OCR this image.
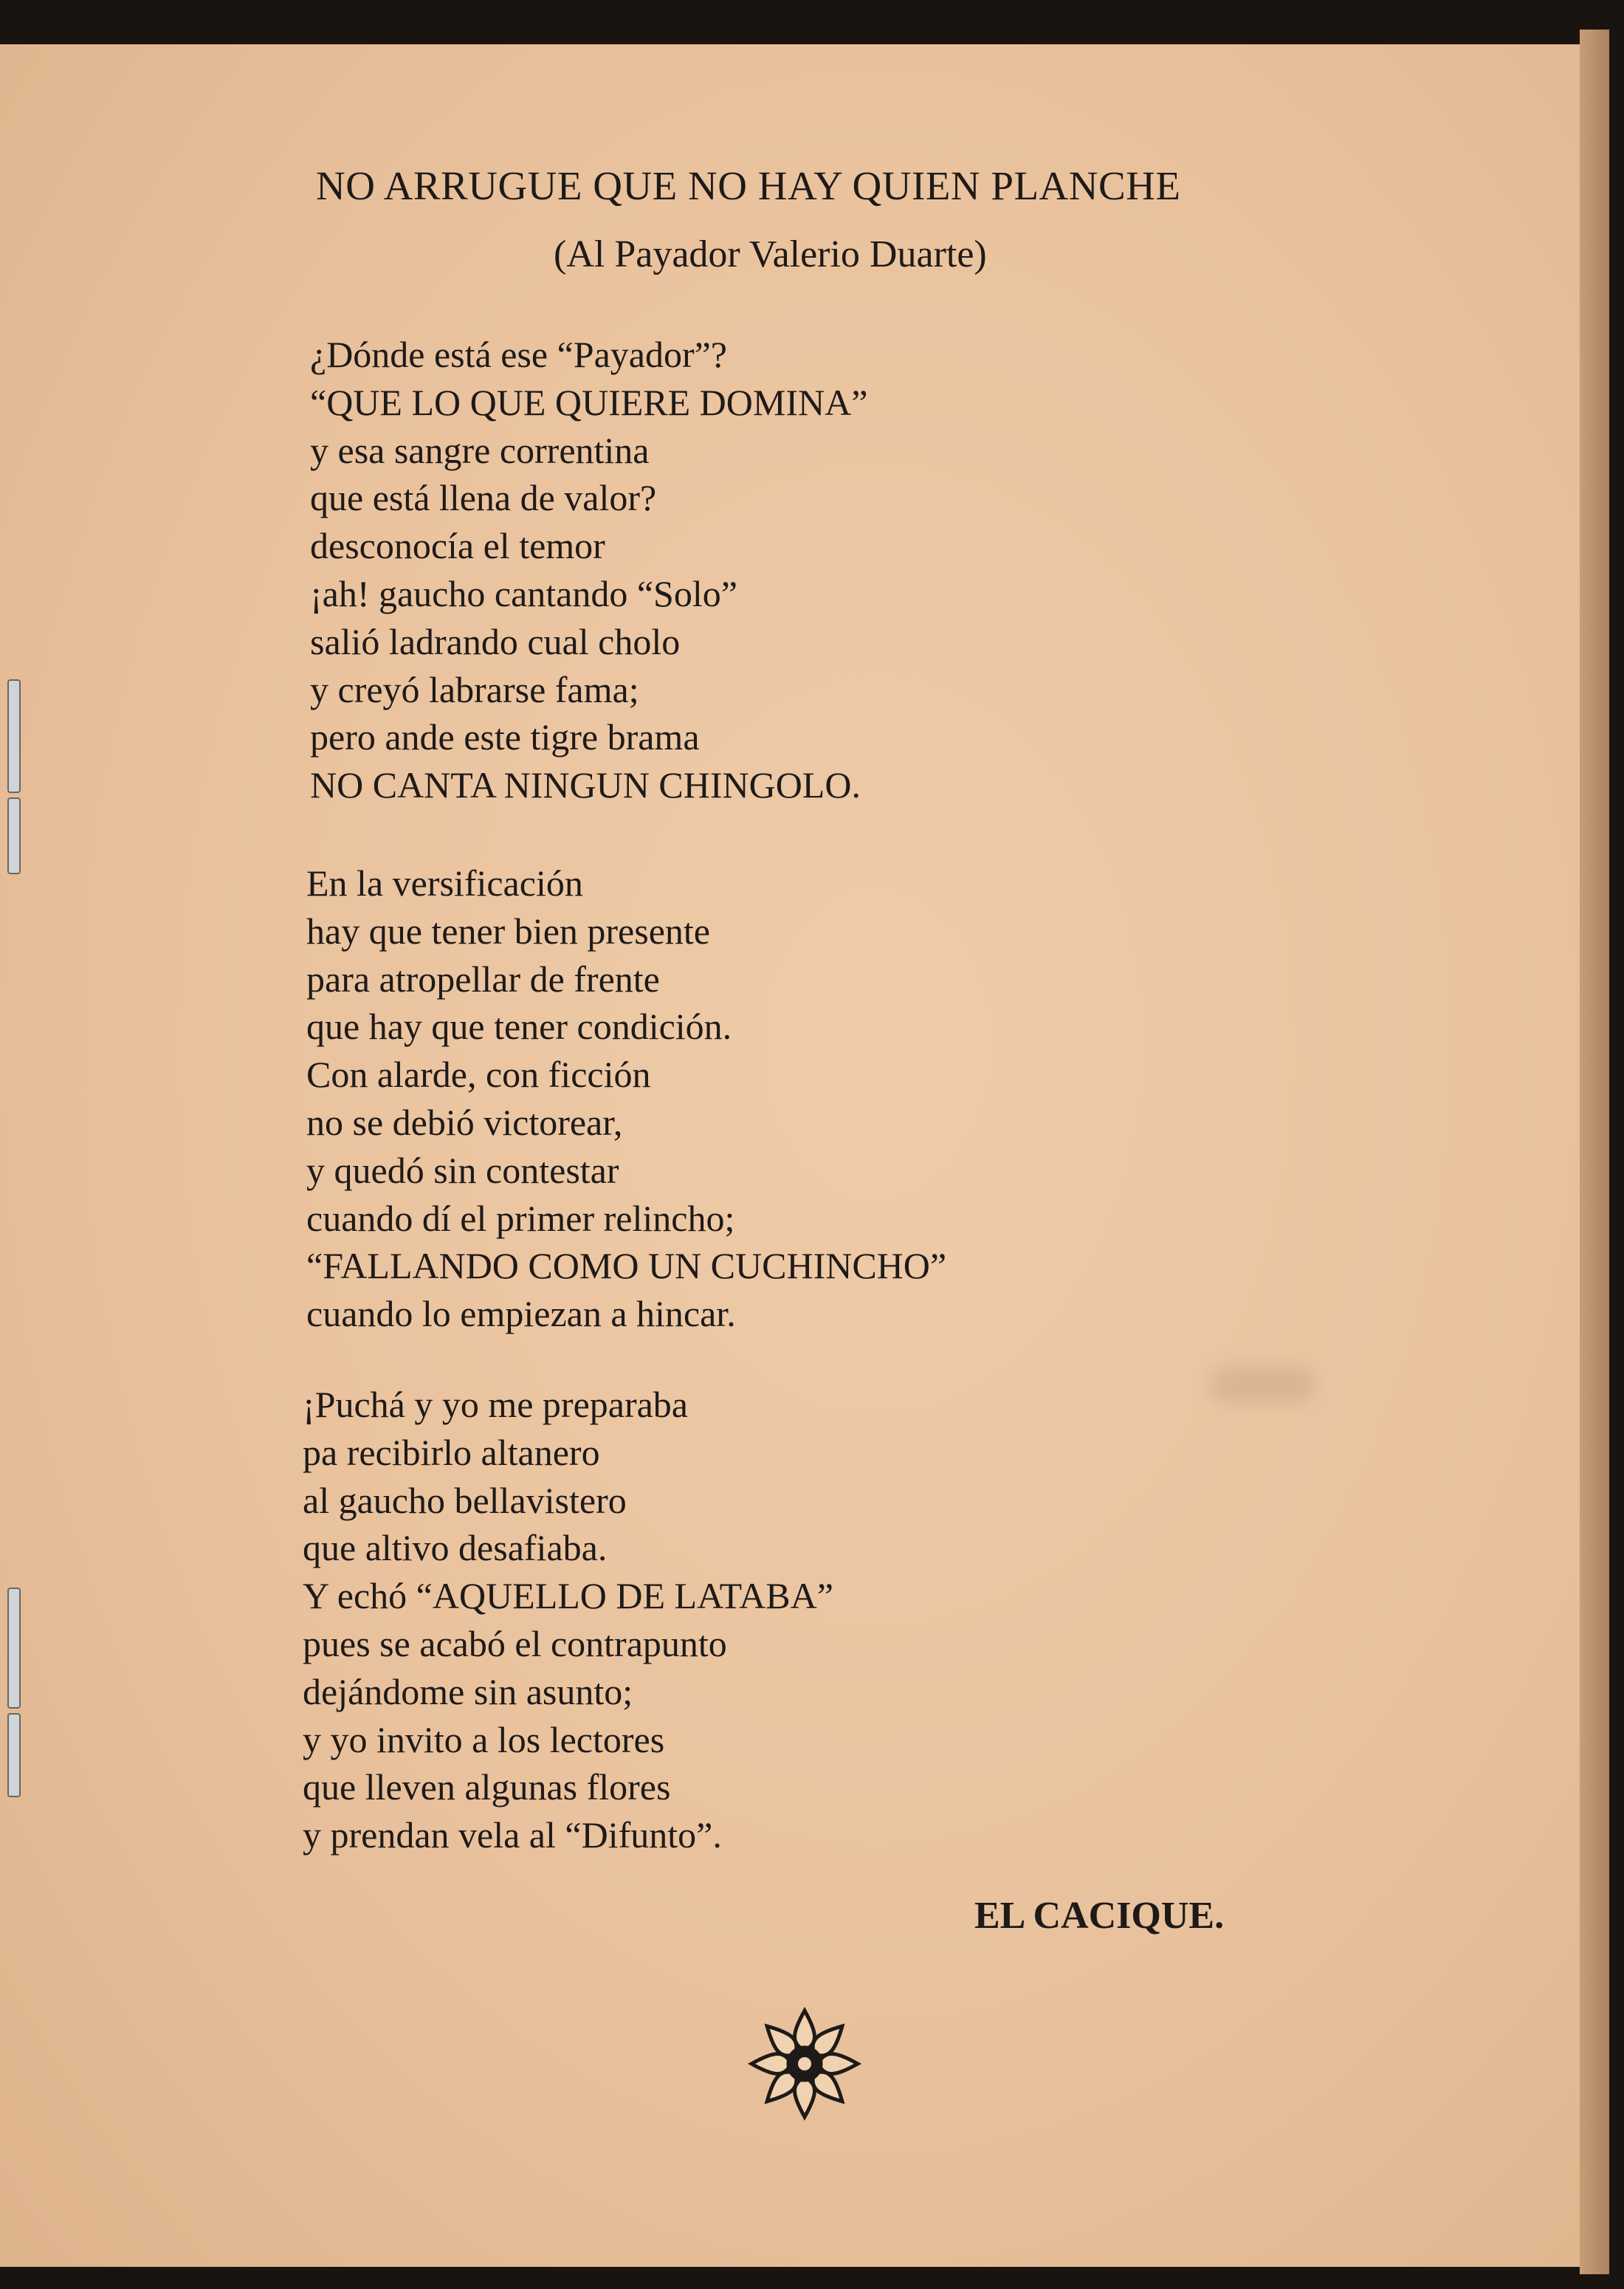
NO ARRUGUE QUE NO HAY QUIEN PLANCHE
(Al Payador Valerio Duarte)
¿Dónde está ese “Payador”?
“QUE LO QUE QUIERE DOMINA”
y esa sangre correntina
que está llena de valor?
desconocía el temor
¡ah! gaucho cantando “Solo”
salió ladrando cual cholo
y creyó labrarse fama;
pero ande este tigre brama
NO CANTA NINGUN CHINGOLO.
En la versificación
hay que tener bien presente
para atropellar de frente
que hay que tener condición.
Con alarde, con ficción
no se debió victorear,
y quedó sin contestar
cuando dí el primer relincho;
“FALLANDO COMO UN CUCHINCHO”
cuando lo empiezan a hincar.
¡Puchá y yo me preparaba
pa recibirlo altanero
al gaucho bellavistero
que altivo desafiaba.
Y echó “AQUELLO DE LATABA”
pues se acabó el contrapunto
dejándome sin asunto;
y yo invito a los lectores
que lleven algunas flores
y prendan vela al “Difunto”.
EL CACIQUE.
